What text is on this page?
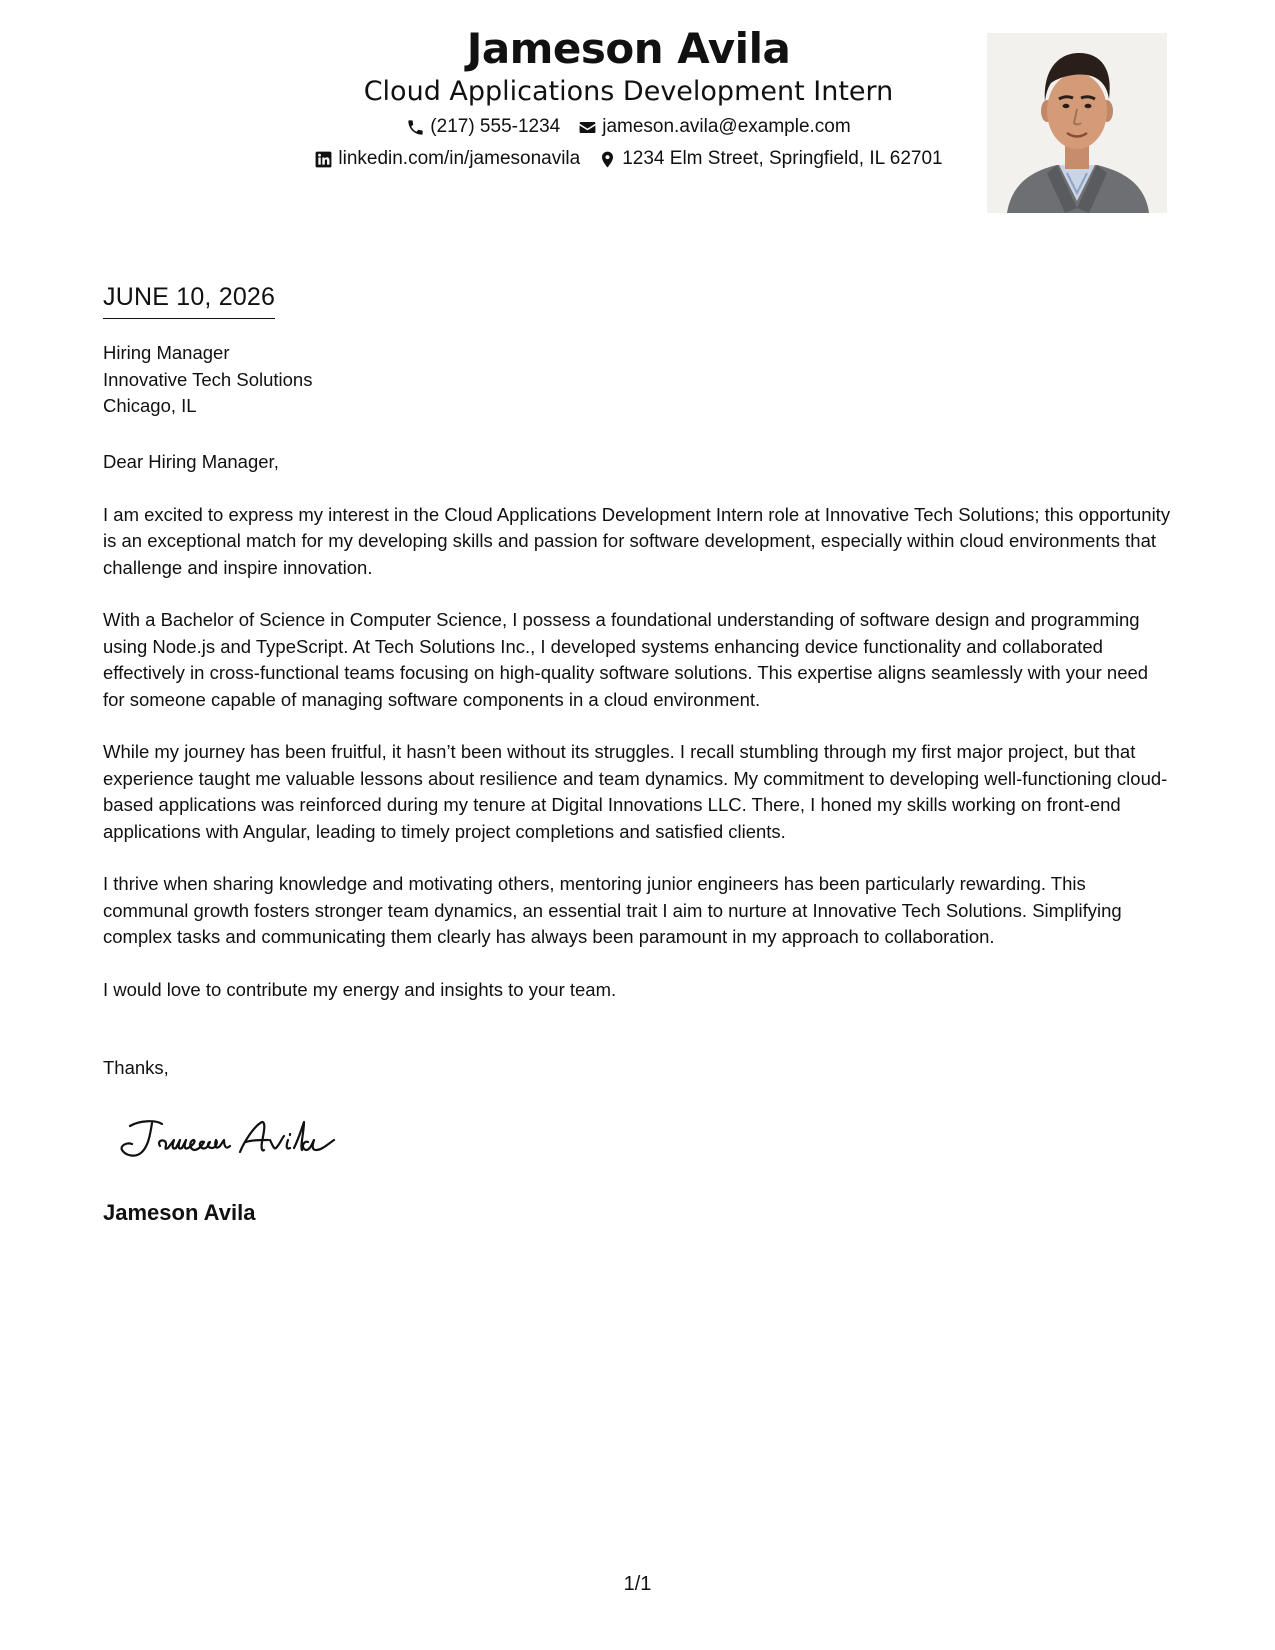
Jameson Avila
Cloud Applications Development Intern
(217) 555-1234 jameson.avila@example.com
linkedin.com/in/jamesonavila 1234 Elm Street, Springfield, IL 62701
JUNE 10, 2026
Hiring Manager
Innovative Tech Solutions
Chicago, IL

Dear Hiring Manager,

I am excited to express my interest in the Cloud Applications Development Intern role at Innovative Tech Solutions; this opportunity is an exceptional match for my developing skills and passion for software development, especially within cloud environments that challenge and inspire innovation.

With a Bachelor of Science in Computer Science, I possess a foundational understanding of software design and programming using Node.js and TypeScript. At Tech Solutions Inc., I developed systems enhancing device functionality and collaborated effectively in cross-functional teams focusing on high-quality software solutions. This expertise aligns seamlessly with your need for someone capable of managing software components in a cloud environment.

While my journey has been fruitful, it hasn’t been without its struggles. I recall stumbling through my first major project, but that experience taught me valuable lessons about resilience and team dynamics. My commitment to developing well-functioning cloud-based applications was reinforced during my tenure at Digital Innovations LLC. There, I honed my skills working on front-end applications with Angular, leading to timely project completions and satisfied clients.

I thrive when sharing knowledge and motivating others, mentoring junior engineers has been particularly rewarding. This communal growth fosters stronger team dynamics, an essential trait I aim to nurture at Innovative Tech Solutions. Simplifying complex tasks and communicating them clearly has always been paramount in my approach to collaboration.

I would love to contribute my energy and insights to your team.

Thanks,
Jameson Avila
1/1
